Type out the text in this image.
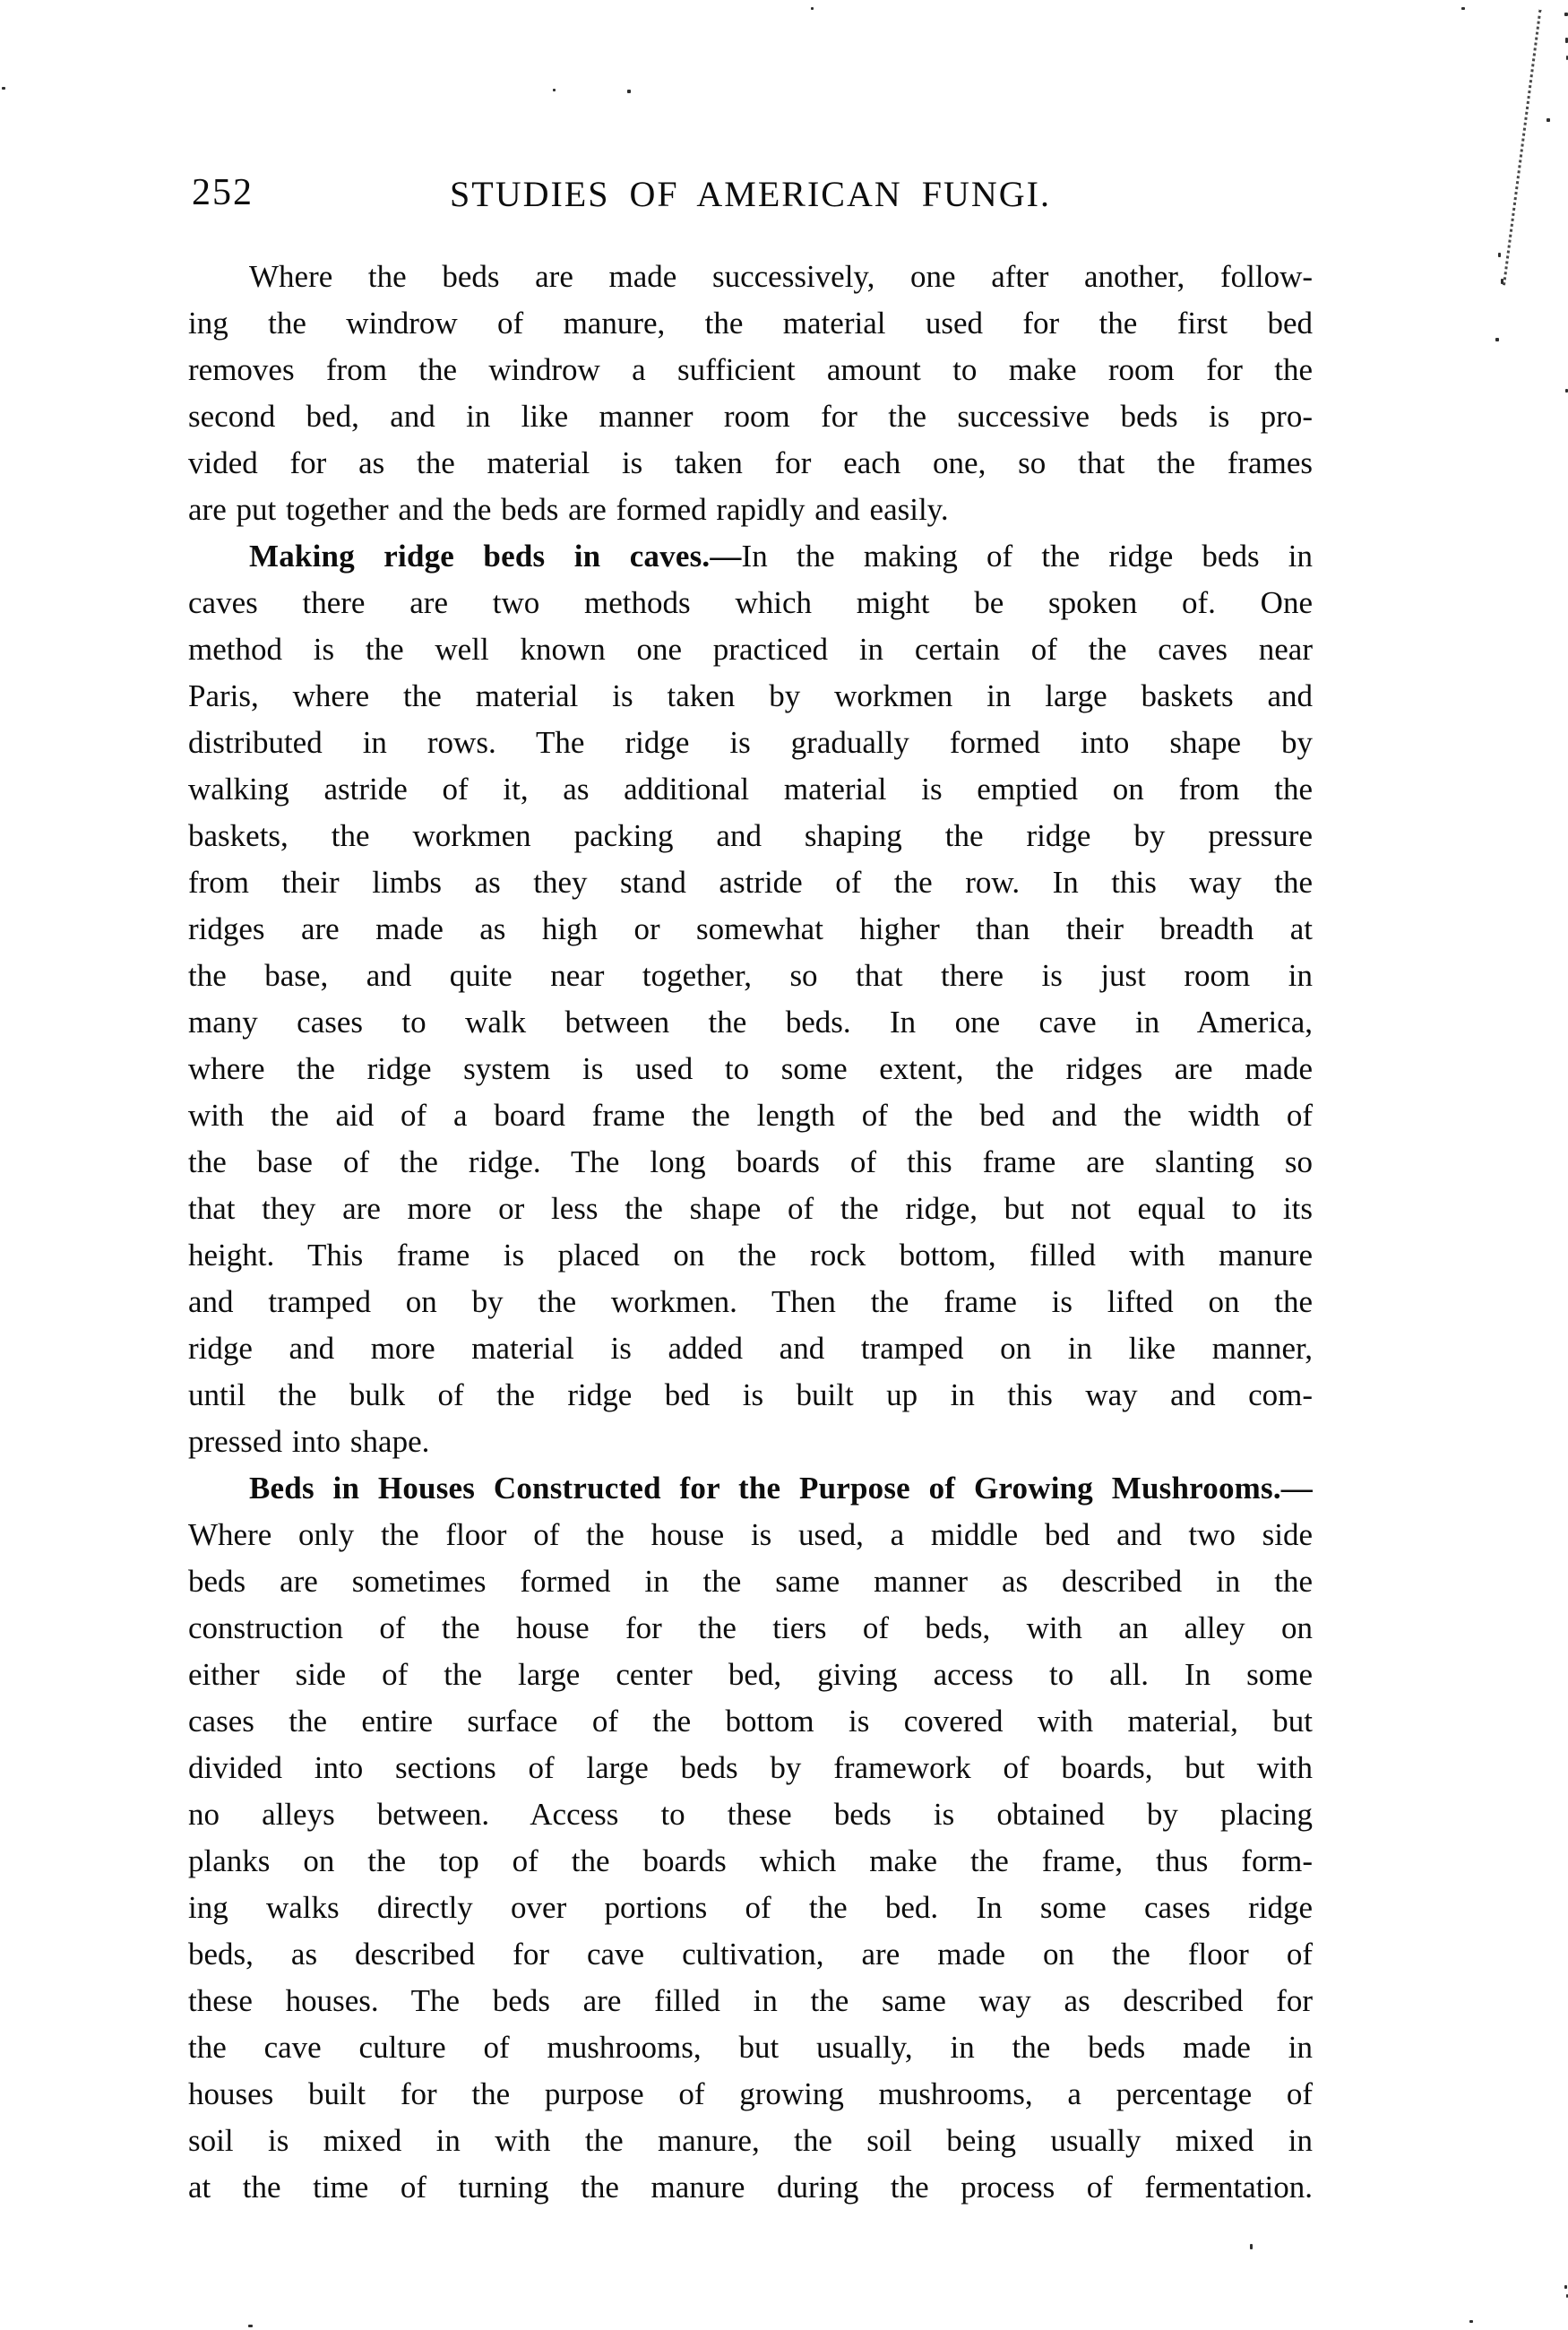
252	STUDIES OF AMERICAN FUNGI.
Where the beds are made successively, one after another, follow-
ing the windrow of manure, the material used for the first bed
removes from the windrow a sufficient amount to make room for the
second bed, and in like manner room for the successive beds is pro-
vided for as the material is taken for each one, so that the frames
are put together and the beds are formed rapidly and easily.
Making ridge beds in caves.—In the making of the ridge beds in
caves there are two methods which might be spoken of. One
method is the well known one practiced in certain of the caves near
Paris, where the material is taken by workmen in large baskets and
distributed in rows. The ridge is gradually formed into shape by
walking astride of it, as additional material is emptied on from the
baskets, the workmen packing and shaping the ridge by pressure
from their limbs as they stand astride of the row. In this way the
ridges are made as high or somewhat higher than their breadth at
the base, and quite near together, so that there is just room in
many cases to walk between the beds. In one cave in America,
where the ridge system is used to some extent, the ridges are made
with the aid of a board frame the length of the bed and the width of
the base of the ridge. The long boards of this frame are slanting so
that they are more or less the shape of the ridge, but not equal to its
height. This frame is placed on the rock bottom, filled with manure
and tramped on by the workmen. Then the frame is lifted on the
ridge and more material is added and tramped on in like manner,
until the bulk of the ridge bed is built up in this way and com-
pressed into shape.
Beds in Houses Constructed for the Purpose of Growing Mushrooms.—
Where only the floor of the house is used, a middle bed and two side
beds are sometimes formed in the same manner as described in the
construction of the house for the tiers of beds, with an alley on
either side of the large center bed, giving access to all. In some
cases the entire surface of the bottom is covered with material, but
divided into sections of large beds by framework of boards, but with
no alleys between. Access to these beds is obtained by placing
planks on the top of the boards which make the frame, thus form-
ing walks directly over portions of the bed. In some cases ridge
beds, as described for cave cultivation, are made on the floor of
these houses. The beds are filled in the same way as described for
the cave culture of mushrooms, but usually, in the beds made in
houses built for the purpose of growing mushrooms, a percentage of
soil is mixed in with the manure, the soil being usually mixed in
at the time of turning the manure during the process of fermentation.
